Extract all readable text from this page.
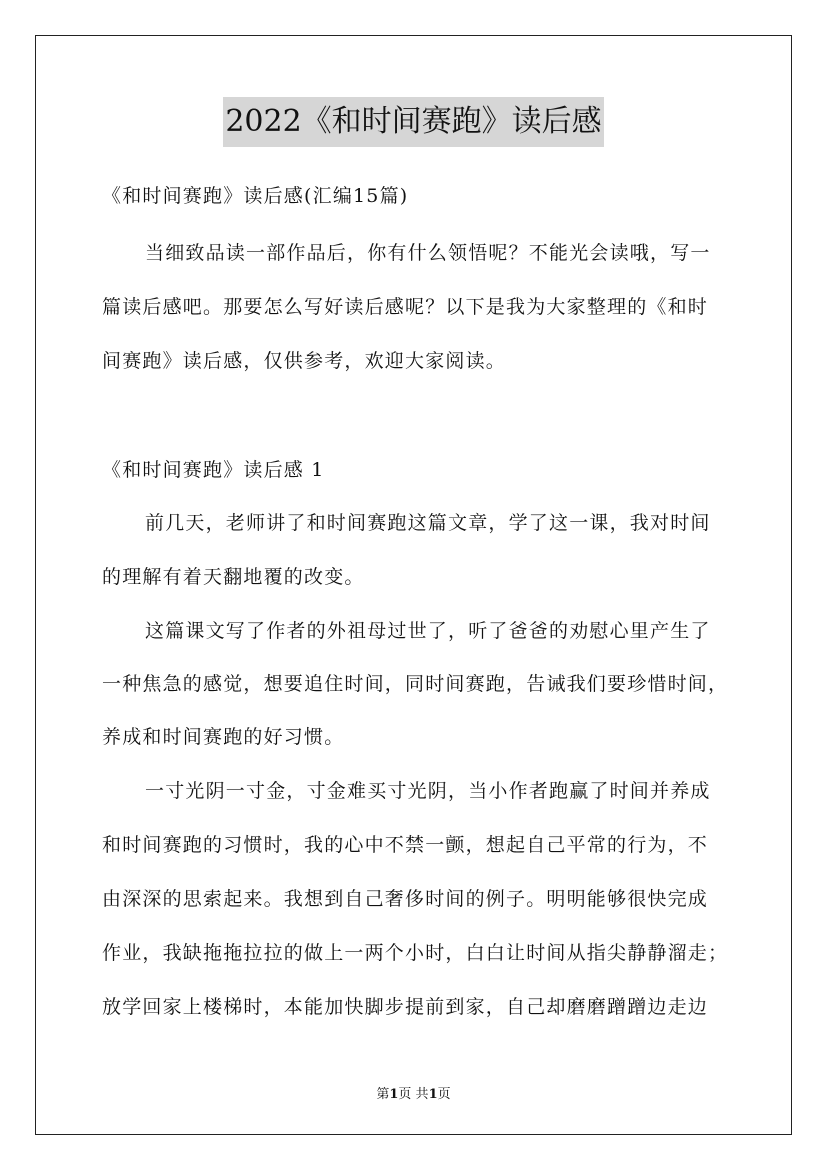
2022《和时间赛跑》读后感
《和时间赛跑》读后感(汇编15篇)
当细致品读一部作品后，你有什么领悟呢？不能光会读哦，写一
篇读后感吧。那要怎么写好读后感呢？以下是我为大家整理的《和时
间赛跑》读后感，仅供参考，欢迎大家阅读。
《和时间赛跑》读后感 1
前几天，老师讲了和时间赛跑这篇文章，学了这一课，我对时间
的理解有着天翻地覆的改变。
这篇课文写了作者的外祖母过世了，听了爸爸的劝慰心里产生了
一种焦急的感觉，想要追住时间，同时间赛跑，告诫我们要珍惜时间，
养成和时间赛跑的好习惯。
一寸光阴一寸金，寸金难买寸光阴，当小作者跑赢了时间并养成
和时间赛跑的习惯时，我的心中不禁一颤，想起自己平常的行为，不
由深深的思索起来。我想到自己奢侈时间的例子。明明能够很快完成
作业，我缺拖拖拉拉的做上一两个小时，白白让时间从指尖静静溜走；
放学回家上楼梯时，本能加快脚步提前到家，自己却磨磨蹭蹭边走边
第1页 共1页
